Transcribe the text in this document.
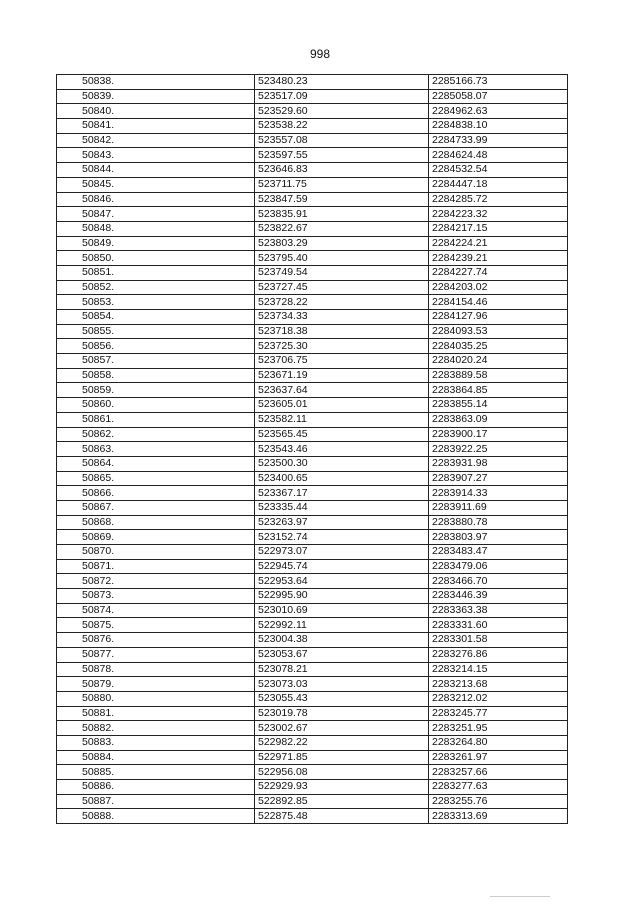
998
50838.	523480.23	2285166.73
50839.	523517.09	2285058.07
50840.	523529.60	2284962.63
50841.	523538.22	2284838.10
50842.	523557.08	2284733.99
50843.	523597.55	2284624.48
50844.	523646.83	2284532.54
50845.	523711.75	2284447.18
50846.	523847.59	2284285.72
50847.	523835.91	2284223.32
50848.	523822.67	2284217.15
50849.	523803.29	2284224.21
50850.	523795.40	2284239.21
50851.	523749.54	2284227.74
50852.	523727.45	2284203.02
50853.	523728.22	2284154.46
50854.	523734.33	2284127.96
50855.	523718.38	2284093.53
50856.	523725.30	2284035.25
50857.	523706.75	2284020.24
50858.	523671.19	2283889.58
50859.	523637.64	2283864.85
50860.	523605.01	2283855.14
50861.	523582.11	2283863.09
50862.	523565.45	2283900.17
50863.	523543.46	2283922.25
50864.	523500.30	2283931.98
50865.	523400.65	2283907.27
50866.	523367.17	2283914.33
50867.	523335.44	2283911.69
50868.	523263.97	2283880.78
50869.	523152.74	2283803.97
50870.	522973.07	2283483.47
50871.	522945.74	2283479.06
50872.	522953.64	2283466.70
50873.	522995.90	2283446.39
50874.	523010.69	2283363.38
50875.	522992.11	2283331.60
50876.	523004.38	2283301.58
50877.	523053.67	2283276.86
50878.	523078.21	2283214.15
50879.	523073.03	2283213.68
50880.	523055.43	2283212.02
50881.	523019.78	2283245.77
50882.	523002.67	2283251.95
50883.	522982.22	2283264.80
50884.	522971.85	2283261.97
50885.	522956.08	2283257.66
50886.	522929.93	2283277.63
50887.	522892.85	2283255.76
50888.	522875.48	2283313.69
